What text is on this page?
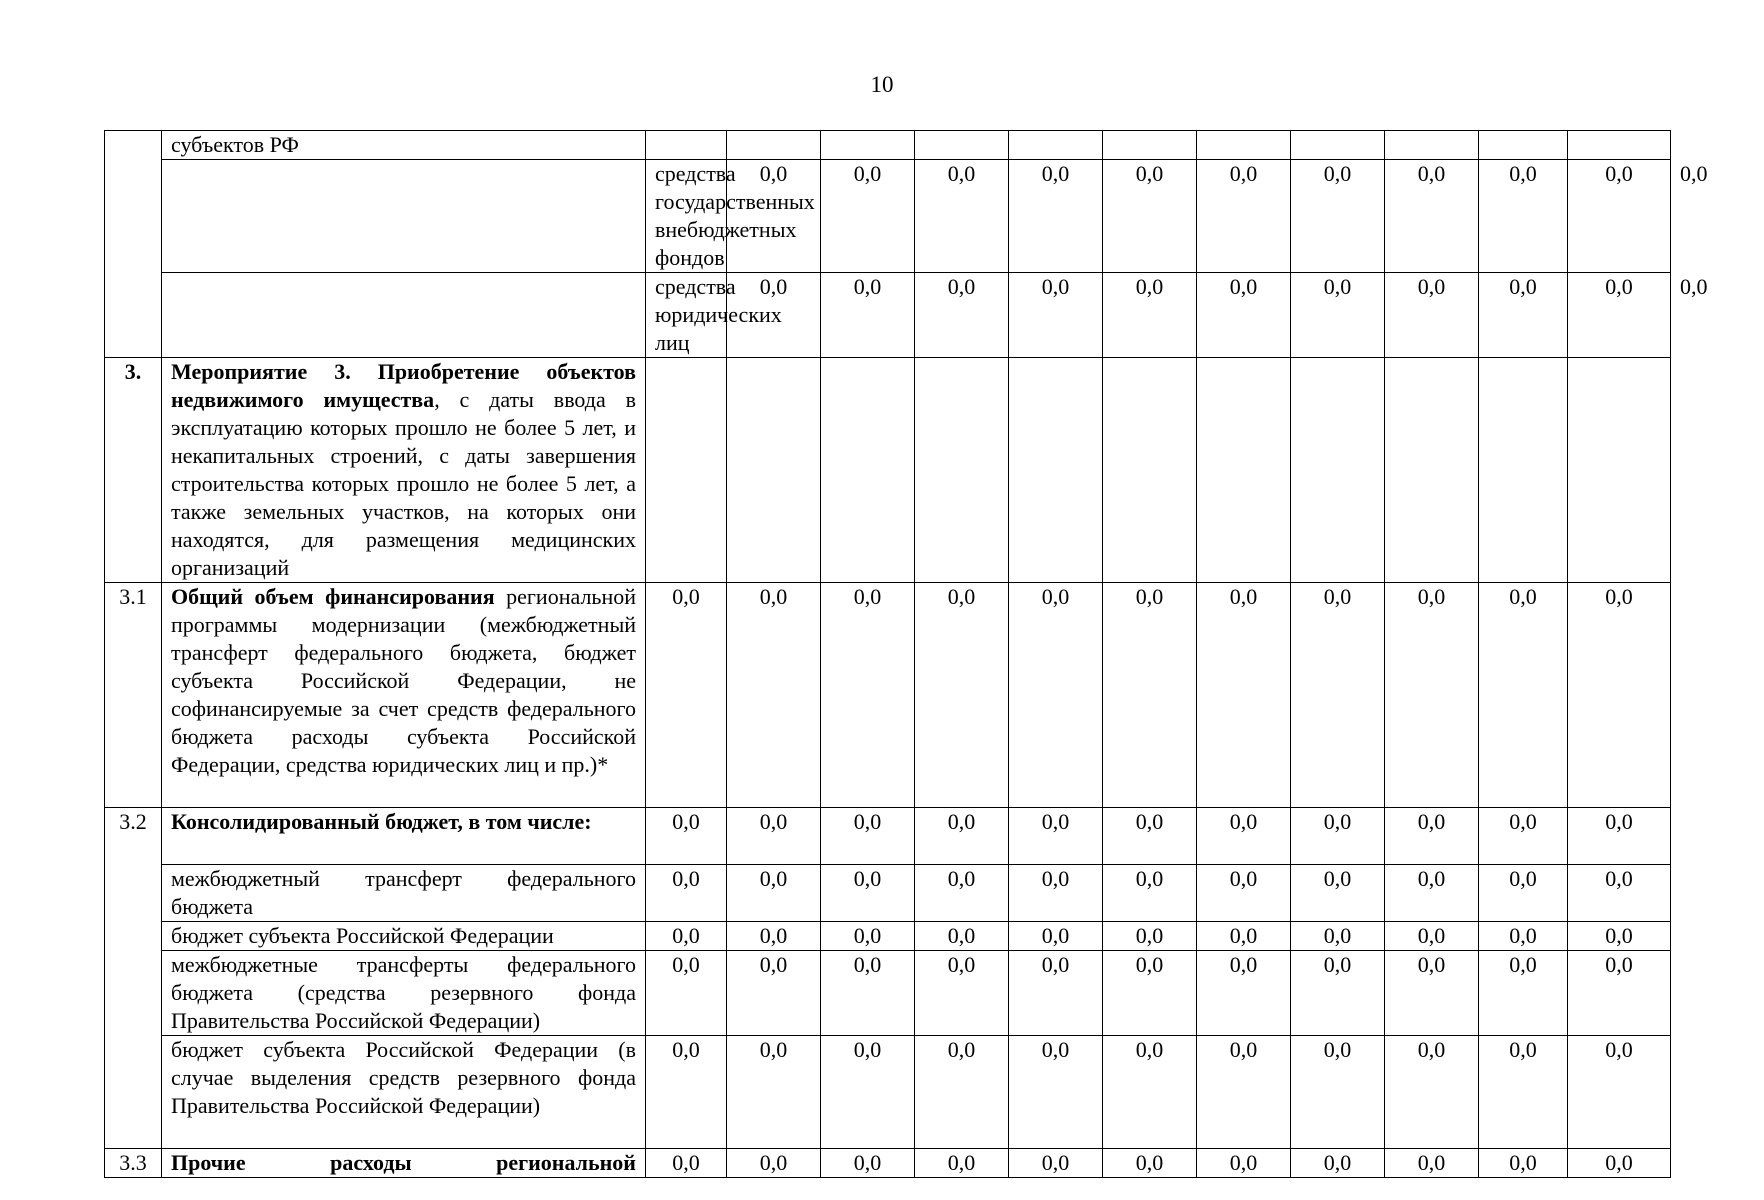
10
	субъектов РФ												
		средства государственных внебюджетных фондов	0,0	0,0	0,0	0,0	0,0	0,0	0,0	0,0	0,0	0,0	0,0
		средства юридических лиц	0,0	0,0	0,0	0,0	0,0	0,0	0,0	0,0	0,0	0,0	0,0
3.	Мероприятие 3. Приобретение объектов недвижимого имущества, с даты ввода в эксплуатацию которых прошло не более 5 лет, и некапитальных строений, с даты завершения строительства которых прошло не более 5 лет, а также земельных участков, на которых они находятся, для размещения медицинских организаций												
3.1	Общий объем финансирования региональной программы модернизации (межбюджетный трансферт федерального бюджета, бюджет субъекта Российской Федерации, не софинансируемые за счет средств федерального бюджета расходы субъекта Российской Федерации, средства юридических лиц и пр.)*	0,0	0,0	0,0	0,0	0,0	0,0	0,0	0,0	0,0	0,0	0,0	
3.2	Консолидированный бюджет, в том числе:	0,0	0,0	0,0	0,0	0,0	0,0	0,0	0,0	0,0	0,0	0,0	
	межбюджетный трансферт федерального бюджета	0,0	0,0	0,0	0,0	0,0	0,0	0,0	0,0	0,0	0,0	0,0	
	бюджет субъекта Российской Федерации	0,0	0,0	0,0	0,0	0,0	0,0	0,0	0,0	0,0	0,0	0,0	
	межбюджетные трансферты федерального бюджета (средства резервного фонда Правительства Российской Федерации)	0,0	0,0	0,0	0,0	0,0	0,0	0,0	0,0	0,0	0,0	0,0	
	бюджет субъекта Российской Федерации (в случае выделения средств резервного фонда Правительства Российской Федерации)	0,0	0,0	0,0	0,0	0,0	0,0	0,0	0,0	0,0	0,0	0,0	
3.3	Прочие расходы региональной	0,0	0,0	0,0	0,0	0,0	0,0	0,0	0,0	0,0	0,0	0,0	
